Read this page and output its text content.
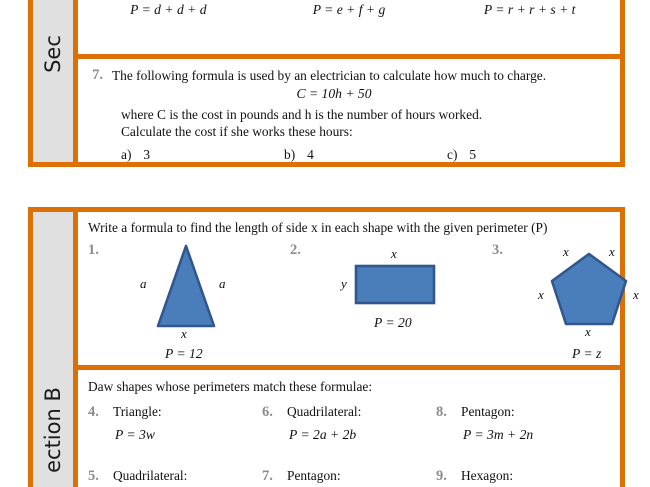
Sec
P = d + d + d	P = e + f + g	P = r + r + s + t
7. The following formula is used by an electrician to calculate how much to charge.
C = 10h + 50
where C is the cost in pounds and h is the number of hours worked.
Calculate the cost if she works these hours:
a) 3	b) 4	c) 5
ection B
Write a formula to find the length of side x in each shape with the given perimeter (P)
1.
a	a
x
P = 12
2.	x
y
P = 20
3.	x	x
x	x
x
P = z
Daw shapes whose perimeters match these formulae:
4.	Triangle:
P = 3w
6.	Quadrilateral:
P = 2a + 2b
8.	Pentagon:
P = 3m + 2n
5.	Quadrilateral:	7.	Pentagon:	9.	Hexagon:
